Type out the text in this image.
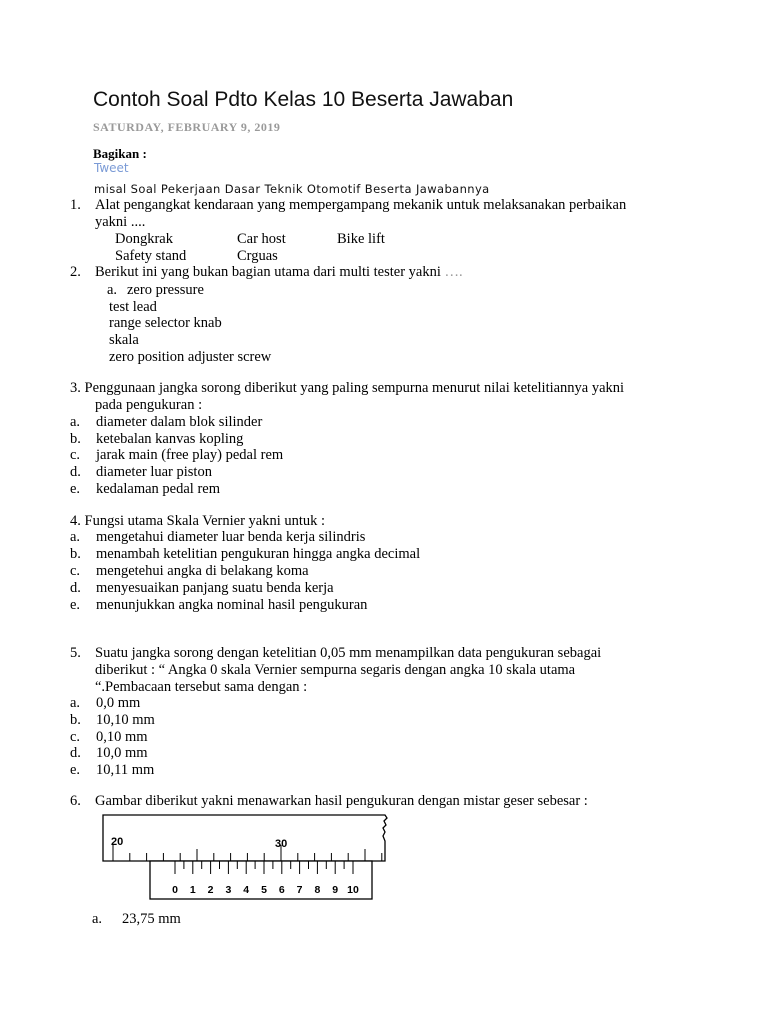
Contoh Soal Pdto Kelas 10 Beserta Jawaban
SATURDAY, FEBRUARY 9, 2019
Bagikan :
Tweet
misal Soal Pekerjaan Dasar Teknik Otomotif Beserta Jawabannya
1. Alat pengangkat kendaraan yang mempergampang mekanik untuk melaksanakan perbaikan
yakni ....
Dongkrak	Car host	Bike lift
Safety stand	Crguas
2. Berikut ini yang bukan bagian utama dari multi tester yakni ….
a. zero pressure
test lead
range selector knab
skala
zero position adjuster screw
3. Penggunaan jangka sorong diberikut yang paling sempurna menurut nilai ketelitiannya yakni
pada pengukuran :
a. diameter dalam blok silinder
b. ketebalan kanvas kopling
c. jarak main (free play) pedal rem
d. diameter luar piston
e. kedalaman pedal rem
4. Fungsi utama Skala Vernier yakni untuk :
a. mengetahui diameter luar benda kerja silindris
b. menambah ketelitian pengukuran hingga angka decimal
c. mengetehui angka di belakang koma
d. menyesuaikan panjang suatu benda kerja
e. menunjukkan angka nominal hasil pengukuran
5. Suatu jangka sorong dengan ketelitian 0,05 mm menampilkan data pengukuran sebagai
diberikut : “ Angka 0 skala Vernier sempurna segaris dengan angka 10 skala utama
“.Pembacaan tersebut sama dengan :
a. 0,0 mm
b. 10,10 mm
c. 0,10 mm
d. 10,0 mm
e. 10,11 mm
6. Gambar diberikut yakni menawarkan hasil pengukuran dengan mistar geser sebesar :
20	30
0 1 2 3 4 5 6 7 8 9 10
a. 23,75 mm
